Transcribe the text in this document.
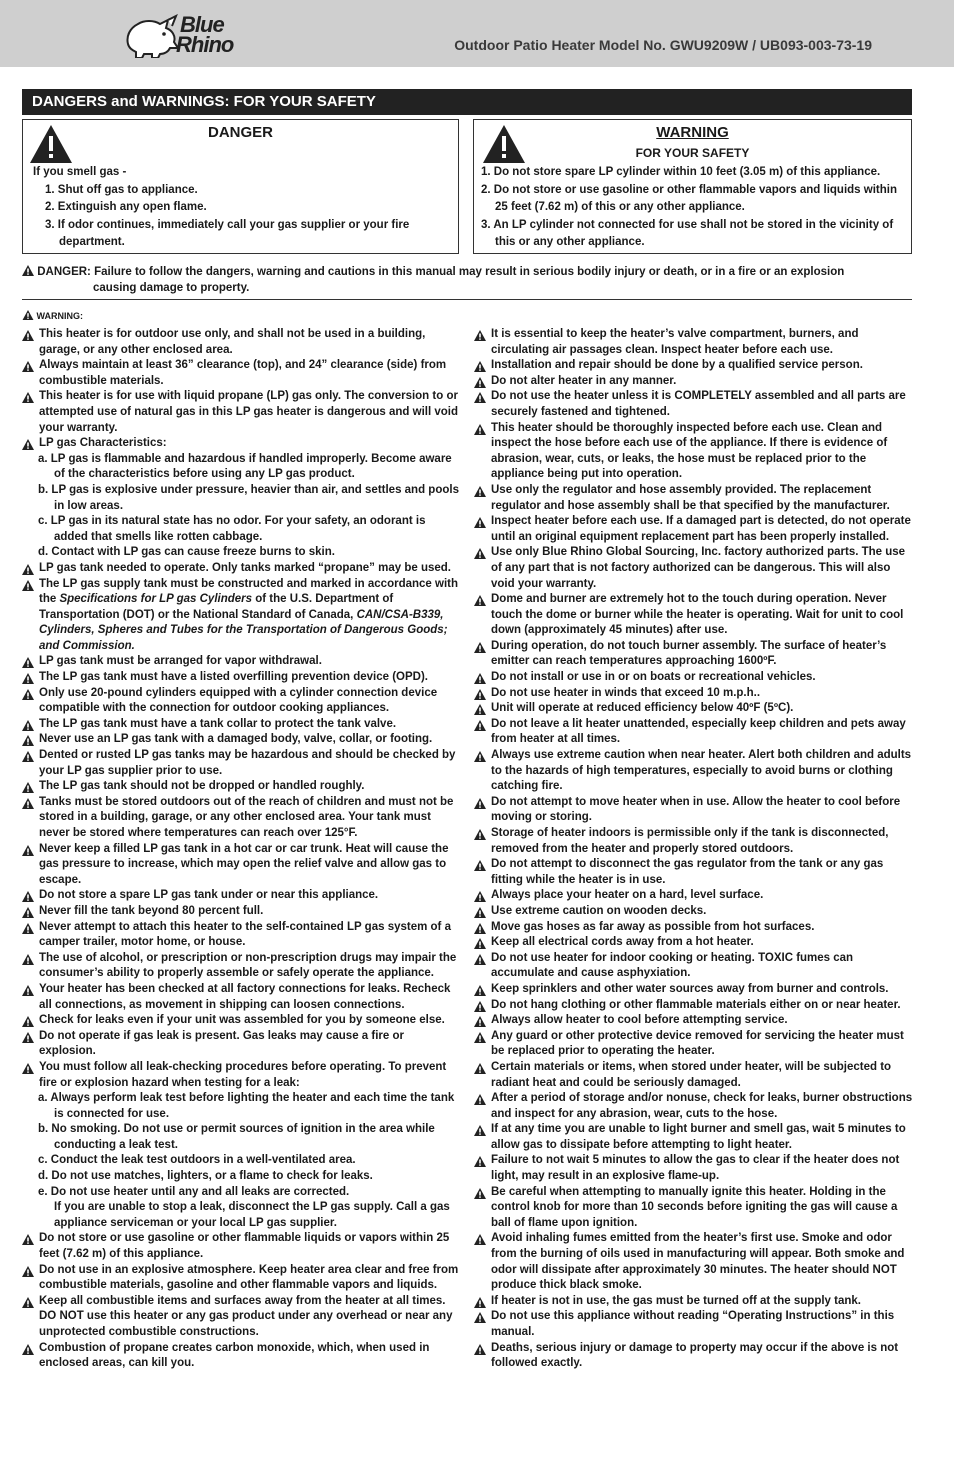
Blue
Rhino	Outdoor Patio Heater Model No. GWU9209W / UB093-003-73-19
DANGERS and WARNINGS: FOR YOUR SAFETY
DANGER

If you smell gas -

1. Shut off gas to appliance.

2. Extinguish any open flame.

3. If odor continues, immediately call your gas supplier or your fire department.

WARNING
FOR YOUR SAFETY

1. Do not store spare LP cylinder within 10 feet (3.05 m) of this appliance.

2. Do not store or use gasoline or other flammable vapors and liquids within 25 feet (7.62 m) of this or any other appliance.

3. An LP cylinder not connected for use shall not be stored in the vicinity of this or any other appliance.

DANGER: Failure to follow the dangers, warning and cautions in this manual may result in serious bodily injury or death, or in a fire or an explosion
causing damage to property.
WARNING:
This heater is for outdoor use only, and shall not be used in a building, garage, or any other enclosed area.
Always maintain at least 36” clearance (top), and 24” clearance (side) from combustible materials.
This heater is for use with liquid propane (LP) gas only. The conversion to or attempted use of natural gas in this LP gas heater is dangerous and will void your warranty.
LP gas Characteristics:
a. LP gas is flammable and hazardous if handled improperly. Become aware of the characteristics before using any LP gas product.
b. LP gas is explosive under pressure, heavier than air, and settles and pools in low areas.
c. LP gas in its natural state has no odor. For your safety, an odorant is added that smells like rotten cabbage.
d. Contact with LP gas can cause freeze burns to skin.
LP gas tank needed to operate. Only tanks marked “propane” may be used.
The LP gas supply tank must be constructed and marked in accordance with the Specifications for LP gas Cylinders of the U.S. Department of Transportation (DOT) or the National Standard of Canada, CAN/CSA-B339, Cylinders, Spheres and Tubes for the Transportation of Dangerous Goods; and Commission.
LP gas tank must be arranged for vapor withdrawal.
The LP gas tank must have a listed overfilling prevention device (OPD).
Only use 20-pound cylinders equipped with a cylinder connection device compatible with the connection for outdoor cooking appliances.
The LP gas tank must have a tank collar to protect the tank valve.
Never use an LP gas tank with a damaged body, valve, collar, or footing.
Dented or rusted LP gas tanks may be hazardous and should be checked by your LP gas supplier prior to use.
The LP gas tank should not be dropped or handled roughly.
Tanks must be stored outdoors out of the reach of children and must not be stored in a building, garage, or any other enclosed area. Your tank must never be stored where temperatures can reach over 125°F.
Never keep a filled LP gas tank in a hot car or car trunk. Heat will cause the gas pressure to increase, which may open the relief valve and allow gas to escape.
Do not store a spare LP gas tank under or near this appliance.
Never fill the tank beyond 80 percent full.
Never attempt to attach this heater to the self-contained LP gas system of a camper trailer, motor home, or house.
The use of alcohol, or prescription or non-prescription drugs may impair the consumer’s ability to properly assemble or safely operate the appliance.
Your heater has been checked at all factory connections for leaks. Recheck all connections, as movement in shipping can loosen connections.
Check for leaks even if your unit was assembled for you by someone else.
Do not operate if gas leak is present. Gas leaks may cause a fire or explosion.
You must follow all leak-checking procedures before operating. To prevent fire or explosion hazard when testing for a leak:
a. Always perform leak test before lighting the heater and each time the tank is connected for use.
b. No smoking. Do not use or permit sources of ignition in the area while conducting a leak test.
c. Conduct the leak test outdoors in a well-ventilated area.
d. Do not use matches, lighters, or a flame to check for leaks.
e. Do not use heater until any and all leaks are corrected.
If you are unable to stop a leak, disconnect the LP gas supply. Call a gas appliance serviceman or your local LP gas supplier.
Do not store or use gasoline or other flammable liquids or vapors within 25 feet (7.62 m) of this appliance.
Do not use in an explosive atmosphere. Keep heater area clear and free from combustible materials, gasoline and other flammable vapors and liquids.
Keep all combustible items and surfaces away from the heater at all times. DO NOT use this heater or any gas product under any overhead or near any unprotected combustible constructions.
Combustion of propane creates carbon monoxide, which, when used in enclosed areas, can kill you.
It is essential to keep the heater’s valve compartment, burners, and circulating air passages clean. Inspect heater before each use.
Installation and repair should be done by a qualified service person.
Do not alter heater in any manner.
Do not use the heater unless it is COMPLETELY assembled and all parts are securely fastened and tightened.
This heater should be thoroughly inspected before each use. Clean and inspect the hose before each use of the appliance. If there is evidence of abrasion, wear, cuts, or leaks, the hose must be replaced prior to the appliance being put into operation.
Use only the regulator and hose assembly provided. The replacement regulator and hose assembly shall be that specified by the manufacturer.
Inspect heater before each use. If a damaged part is detected, do not operate until an original equipment replacement part has been properly installed.
Use only Blue Rhino Global Sourcing, Inc. factory authorized parts. The use of any part that is not factory authorized can be dangerous. This will also void your warranty.
Dome and burner are extremely hot to the touch during operation. Never touch the dome or burner while the heater is operating. Wait for unit to cool down (approximately 45 minutes) after use.
During operation, do not touch burner assembly. The surface of heater’s emitter can reach temperatures approaching 1600ºF.
Do not install or use in or on boats or recreational vehicles.
Do not use heater in winds that exceed 10 m.p.h..
Unit will operate at reduced efficiency below 40ºF (5ºC).
Do not leave a lit heater unattended, especially keep children and pets away from heater at all times.
Always use extreme caution when near heater. Alert both children and adults to the hazards of high temperatures, especially to avoid burns or clothing catching fire.
Do not attempt to move heater when in use. Allow the heater to cool before moving or storing.
Storage of heater indoors is permissible only if the tank is disconnected, removed from the heater and properly stored outdoors.
Do not attempt to disconnect the gas regulator from the tank or any gas fitting while the heater is in use.
Always place your heater on a hard, level surface.
Use extreme caution on wooden decks.
Move gas hoses as far away as possible from hot surfaces.
Keep all electrical cords away from a hot heater.
Do not use heater for indoor cooking or heating. TOXIC fumes can accumulate and cause asphyxiation.
Keep sprinklers and other water sources away from burner and controls.
Do not hang clothing or other flammable materials either on or near heater.
Always allow heater to cool before attempting service.
Any guard or other protective device removed for servicing the heater must be replaced prior to operating the heater.
Certain materials or items, when stored under heater, will be subjected to radiant heat and could be seriously damaged.
After a period of storage and/or nonuse, check for leaks, burner obstructions and inspect for any abrasion, wear, cuts to the hose.
If at any time you are unable to light burner and smell gas, wait 5 minutes to allow gas to dissipate before attempting to light heater.
Failure to not wait 5 minutes to allow the gas to clear if the heater does not light, may result in an explosive flame-up.
Be careful when attempting to manually ignite this heater. Holding in the control knob for more than 10 seconds before igniting the gas will cause a ball of flame upon ignition.
Avoid inhaling fumes emitted from the heater’s first use. Smoke and odor from the burning of oils used in manufacturing will appear. Both smoke and odor will dissipate after approximately 30 minutes. The heater should NOT produce thick black smoke.
If heater is not in use, the gas must be turned off at the supply tank.
Do not use this appliance without reading “Operating Instructions” in this manual.
Deaths, serious injury or damage to property may occur if the above is not followed exactly.
